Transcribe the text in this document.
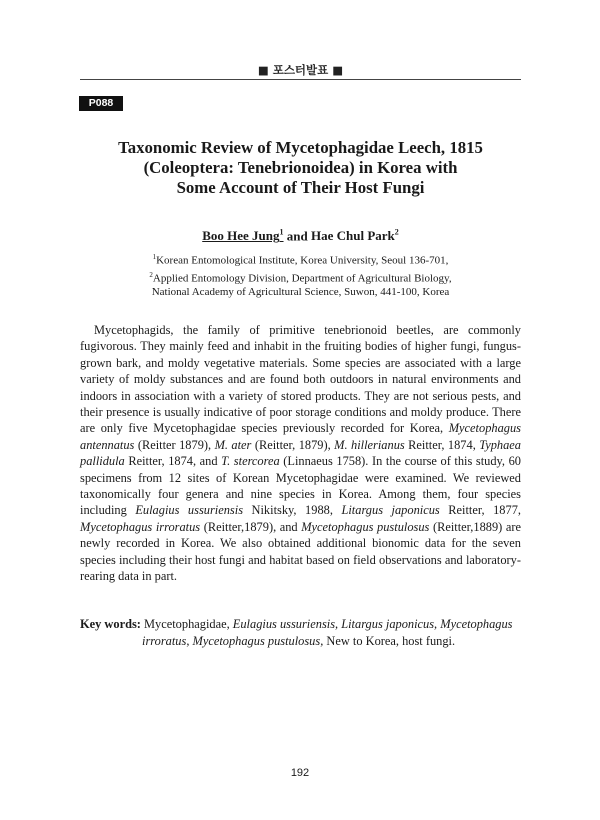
■ 포스터발표 ■
P088
Taxonomic Review of Mycetophagidae Leech, 1815
(Coleoptera: Tenebrionoidea) in Korea with
Some Account of Their Host Fungi
Boo Hee Jung$^1$ and Hae Chul Park$^2$
$^1$Korean Entomological Institute, Korea University, Seoul 136-701,
$^2$Applied Entomology Division, Department of Agricultural Biology,
National Academy of Agricultural Science, Suwon, 441-100, Korea

Mycetophagids, the family of primitive tenebrionoid beetles, are commonly fugivorous. They mainly feed and inhabit in the fruiting bodies of higher fungi, fungus-grown bark, and moldy vegetative materials. Some species are associated with a large variety of moldy substances and are found both outdoors in natural environments and indoors in association with a variety of stored products. They are not serious pests, and their presence is usually indicative of poor storage conditions and moldy produce. There are only five Mycetophagidae species previously recorded for Korea, Mycetophagus antennatus (Reitter 1879), M. ater (Reitter, 1879), M. hillerianus Reitter, 1874, Typhaea pallidula Reitter, 1874, and T. stercorea (Linnaeus 1758). In the course of this study, 60 specimens from 12 sites of Korean Mycetophagidae were examined. We reviewed taxonomically four genera and nine species in Korea. Among them, four species including Eulagius ussuriensis Nikitsky, 1988, Litargus japonicus Reitter, 1877, Mycetophagus irroratus (Reitter,1879), and Mycetophagus pustulosus (Reitter,1889) are newly recorded in Korea. We also obtained additional bionomic data for the seven species including their host fungi and habitat based on field observations and laboratory-rearing data in part.

Key words: Mycetophagidae, Eulagius ussuriensis, Litargus japonicus, Mycetophagus
irroratus, Mycetophagus pustulosus, New to Korea, host fungi.
192
